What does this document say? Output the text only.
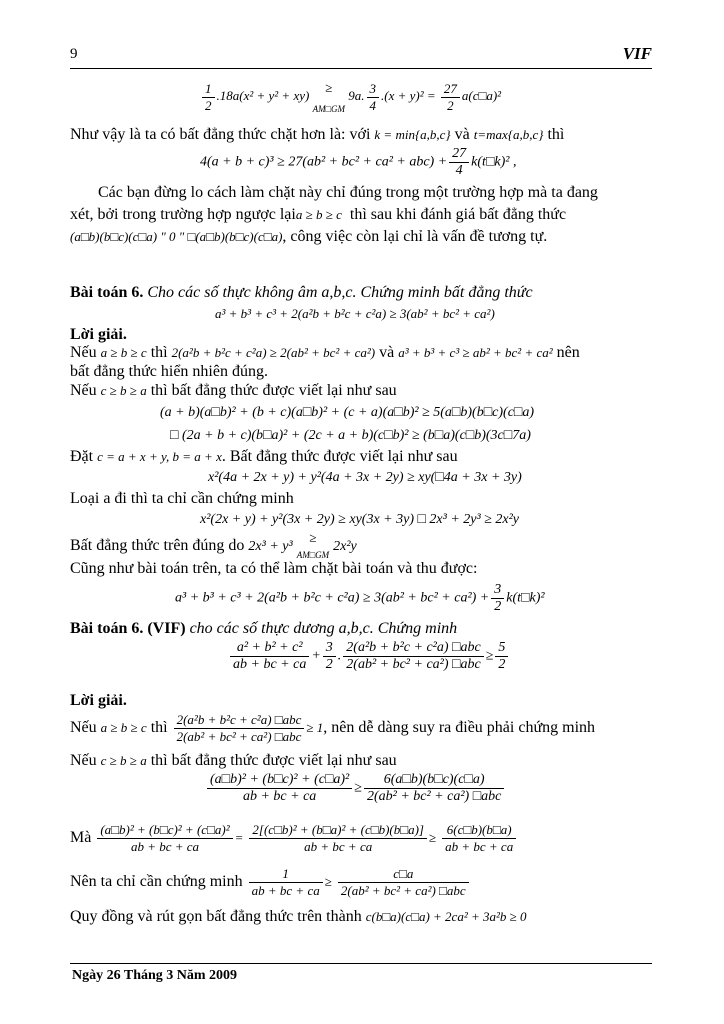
9	VIF
$\frac{1}{2} .18a(x^2 + y^2 + xy)$ ≥
$_{AM□GM}$ 9a. $\frac{3}{4} .(x + y)^2 = \frac{27}{2}$ a(c□a)²
Như vậy là ta có bất đẳng thức chặt hơn là: với k = min{a,b,c} và t=max{a,b,c} thì
$4(a + b + c)^3 \ge 27(ab^2 + bc^2 + ca^2 + abc) + \frac{27}{4}$ k(t□k)² ,
Các bạn đừng lo cách làm chặt này chỉ đúng trong một trường hợp mà ta đang
xét, bởi trong trường hợp ngược lạia ≥ b ≥ c thì sau khi đánh giá bất đẳng thức
(a□b)(b□c)(c□a) " 0 " □(a□b)(b□c)(c□a), công việc còn lại chỉ là vấn đề tương tự.
Bài toán 6. Cho các số thực không âm a,b,c. Chứng minh bất đẳng thức
a³ + b³ + c³ + 2(a²b + b²c + c²a) ≥ 3(ab² + bc² + ca²)
Lời giải.
Nếu a ≥ b ≥ c thì 2(a²b + b²c + c²a) ≥ 2(ab² + bc² + ca²) và a³ + b³ + c³ ≥ ab² + bc² + ca² nên
bất đẳng thức hiển nhiên đúng.
Nếu c ≥ b ≥ a thì bất đẳng thức được viết lại như sau
(a + b)(a□b)² + (b + c)(a□b)² + (c + a)(a□b)² ≥ 5(a□b)(b□c)(c□a)
□ (2a + b + c)(b□a)² + (2c + a + b)(c□b)² ≥ (b□a)(c□b)(3c□7a)
Đặt c = a + x + y, b = a + x. Bất đẳng thức được viết lại như sau
x²(4a + 2x + y) + y²(4a + 3x + 2y) ≥ xy(□4a + 3x + 3y)
Loại a đi thì ta chỉ cần chứng minh
x²(2x + y) + y²(3x + 2y) ≥ xy(3x + 3y) □ 2x³ + 2y³ ≥ 2x²y
Bất đẳng thức trên đúng do 2x³ + y³ ≥
$_{AM□GM}$ 2x²y
Cũng như bài toán trên, ta có thể làm chặt bài toán và thu được:
$a^3 + b^3 + c^3 + 2(a^2b + b^2c + c^2a) \ge 3(ab^2 + bc^2 + ca^2) + \frac{3}{2}$ k(t□k)²
Bài toán 6. (VIF) cho các số thực dương a,b,c. Chứng minh
$\frac{\text{a² + b² + c²}}{ab + bc + ca} + \frac{3}{2}$ . $\frac{\text{2(a²b + b²c + c²a) □abc}}{\text{2(ab² + bc² + ca²) □abc}} \ge \frac{5}{2}$
Lời giải.
Nếu a ≥ b ≥ c thì $\frac{\text{2(a²b + b²c + c²a) □abc}}{\text{2(ab² + bc² + ca²) □abc}} \ge 1$, nên dễ dàng suy ra điều phải chứng minh
Nếu c ≥ b ≥ a thì bất đẳng thức được viết lại như sau
$\frac{\text{(a□b)² + (b□c)² + (c□a)²}}{ab + bc + ca} \ge \frac{6(a□b)(b□c)(c□a)}{\text{2(ab² + bc² + ca²) □abc}}$
Mà $\frac{\text{(a□b)² + (b□c)² + (c□a)²}}{ab + bc + ca} = \frac{\text{2[(c□b)² + (b□a)² + (c□b)(b□a)]}}{ab + bc + ca} \ge \frac{6(c□b)(b□a)}{ab + bc + ca}$
Nên ta chỉ cần chứng minh $\frac{1}{ab + bc + ca} \ge \frac{c□a}{\text{2(ab² + bc² + ca²) □abc}}$
Quy đồng và rút gọn bất đẳng thức trên thành c(b□a)(c□a) + 2ca² + 3a²b ≥ 0
Ngày 26 Tháng 3 Năm 2009
